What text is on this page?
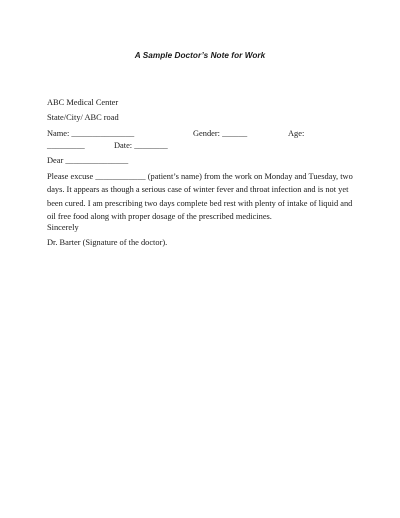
A Sample Doctor’s Note for Work
ABC Medical Center
State/City/ ABC road
Name: _______________	Gender: ______	Age:
_________	Date: ________
Dear _______________

Please excuse ____________ (patient’s name) from the work on Monday and Tuesday, two days. It appears as though a serious case of winter fever and throat infection and is not yet been cured. I am prescribing two days complete bed rest with plenty of intake of liquid and oil free food along with proper dosage of the prescribed medicines.

Sincerely
Dr. Barter (Signature of the doctor).
